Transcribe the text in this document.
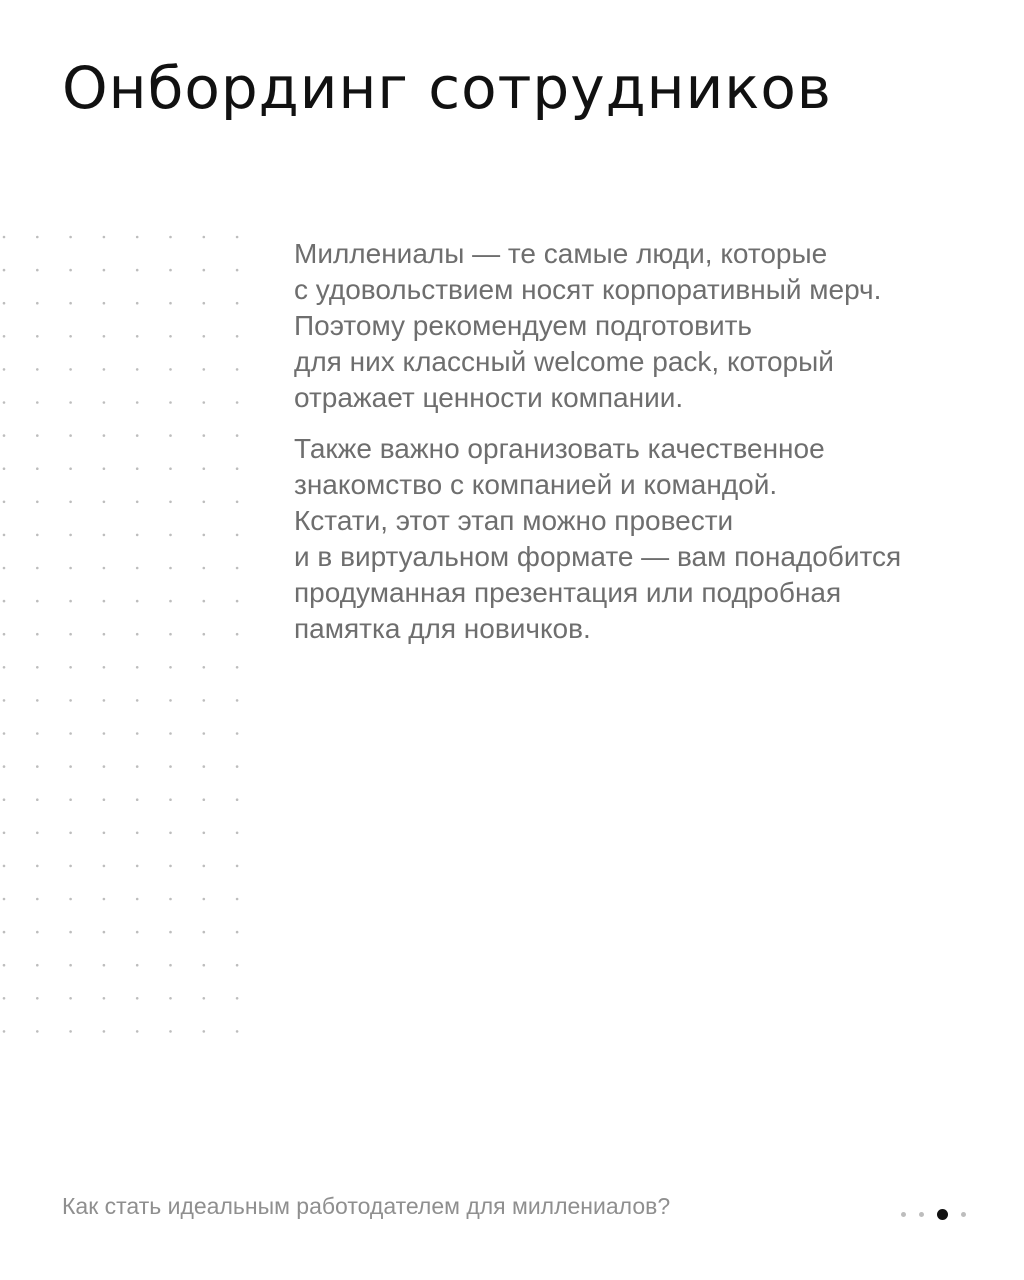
Онбординг сотрудников

Миллениалы — те самые люди, которые
с удовольствием носят корпоративный мерч.
Поэтому рекомендуем подготовить
для них классный welcome pack, который
отражает ценности компании.

Также важно организовать качественное
знакомство с компанией и командой.
Кстати, этот этап можно провести
и в виртуальном формате — вам понадобится
продуманная презентация или подробная
памятка для новичков.

Как стать идеальным работодателем для миллениалов?
